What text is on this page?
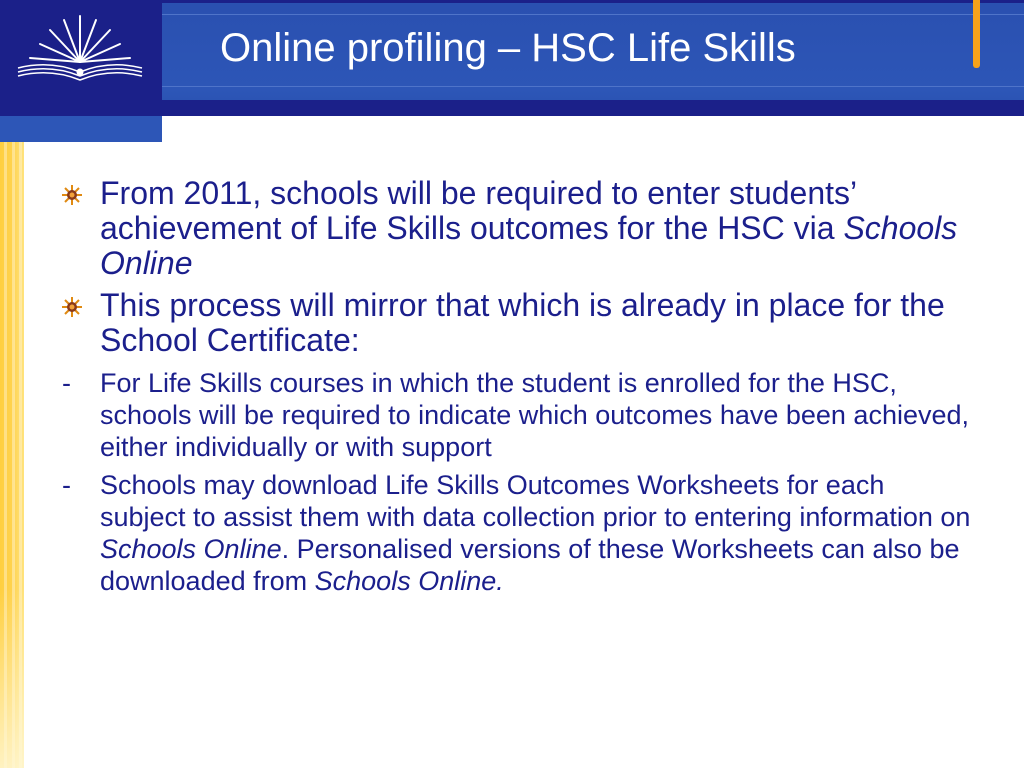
Online profiling – HSC Life Skills
From 2011, schools will be required to enter students’ achievement of Life Skills outcomes for the HSC via Schools Online
This process will mirror that which is already in place for the School Certificate:
- For Life Skills courses in which the student is enrolled for the HSC, schools will be required to indicate which outcomes have been achieved, either individually or with support
- Schools may download Life Skills Outcomes Worksheets for each subject to assist them with data collection prior to entering information on Schools Online. Personalised versions of these Worksheets can also be downloaded from Schools Online.
